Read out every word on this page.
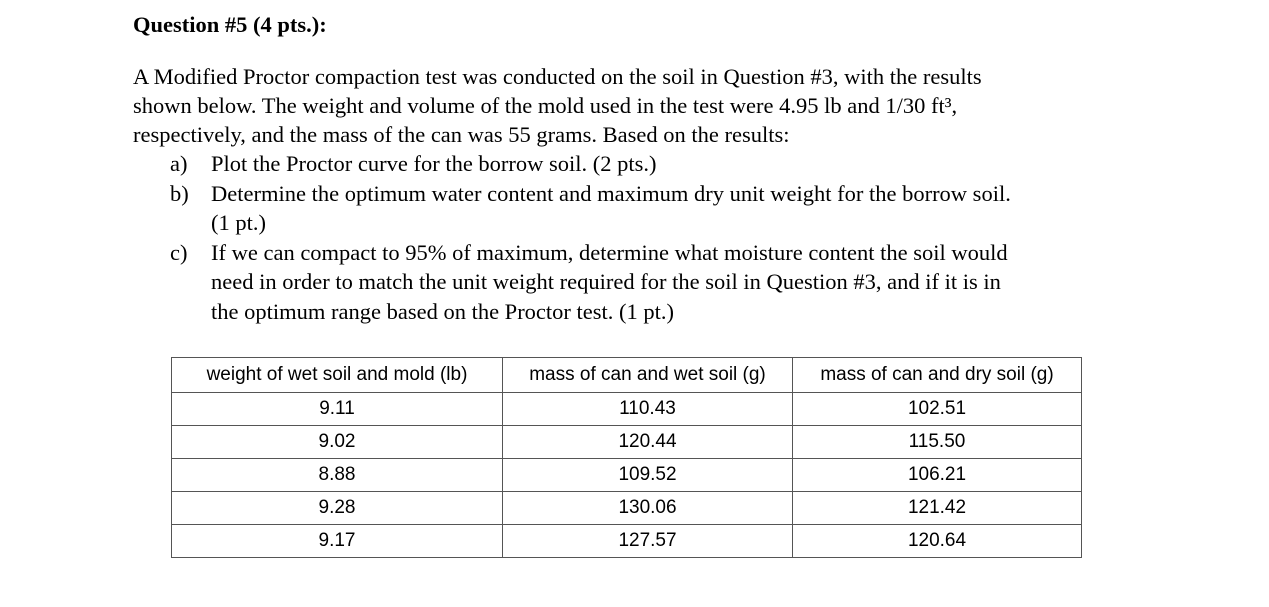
Question #5 (4 pts.):
A Modified Proctor compaction test was conducted on the soil in Question #3, with the results
shown below. The weight and volume of the mold used in the test were 4.95 lb and 1/30 ft³,
respectively, and the mass of the can was 55 grams. Based on the results:
a)	Plot the Proctor curve for the borrow soil. (2 pts.)
b) Determine the optimum water content and maximum dry unit weight for the borrow soil.
(1 pt.)
c)	If we can compact to 95% of maximum, determine what moisture content the soil would
need in order to match the unit weight required for the soil in Question #3, and if it is in
the optimum range based on the Proctor test. (1 pt.)
weight of wet soil and mold (lb)	mass of can and wet soil (g)	mass of can and dry soil (g)
9.11	110.43	102.51
9.02	120.44	115.50
8.88	109.52	106.21
9.28	130.06	121.42
9.17	127.57	120.64
